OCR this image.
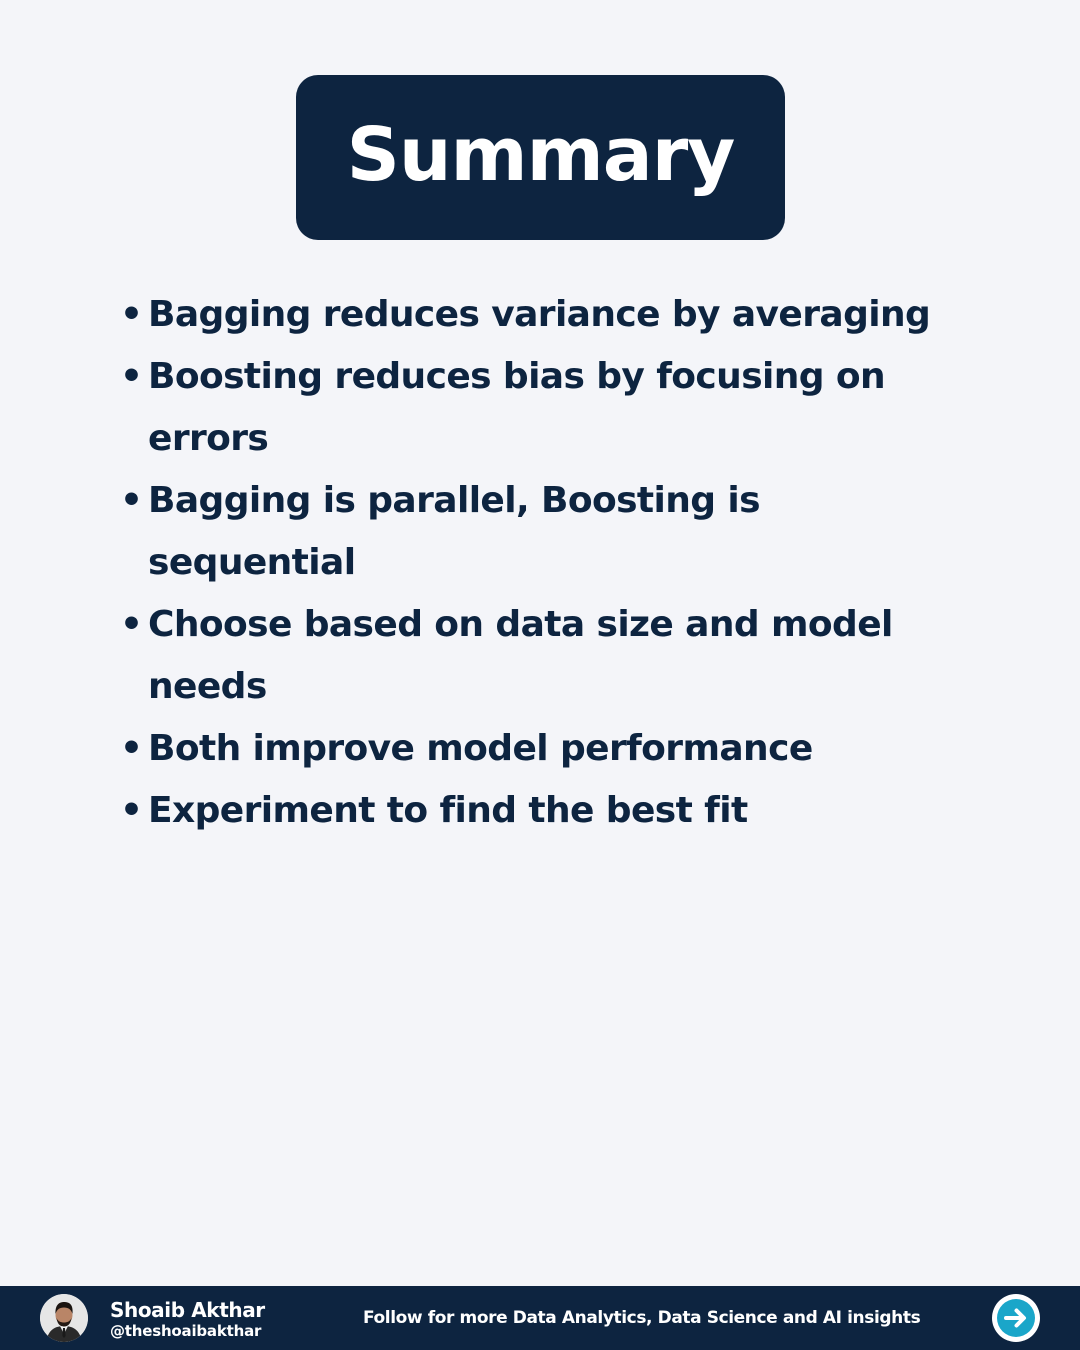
Summary
• Bagging reduces variance by averaging
• Boosting reduces bias by focusing on errors
• Bagging is parallel, Boosting is sequential
• Choose based on data size and model needs
• Both improve model performance
• Experiment to find the best fit
Shoaib Akthar
@theshoaibakthar
Follow for more Data Analytics, Data Science and AI insights
